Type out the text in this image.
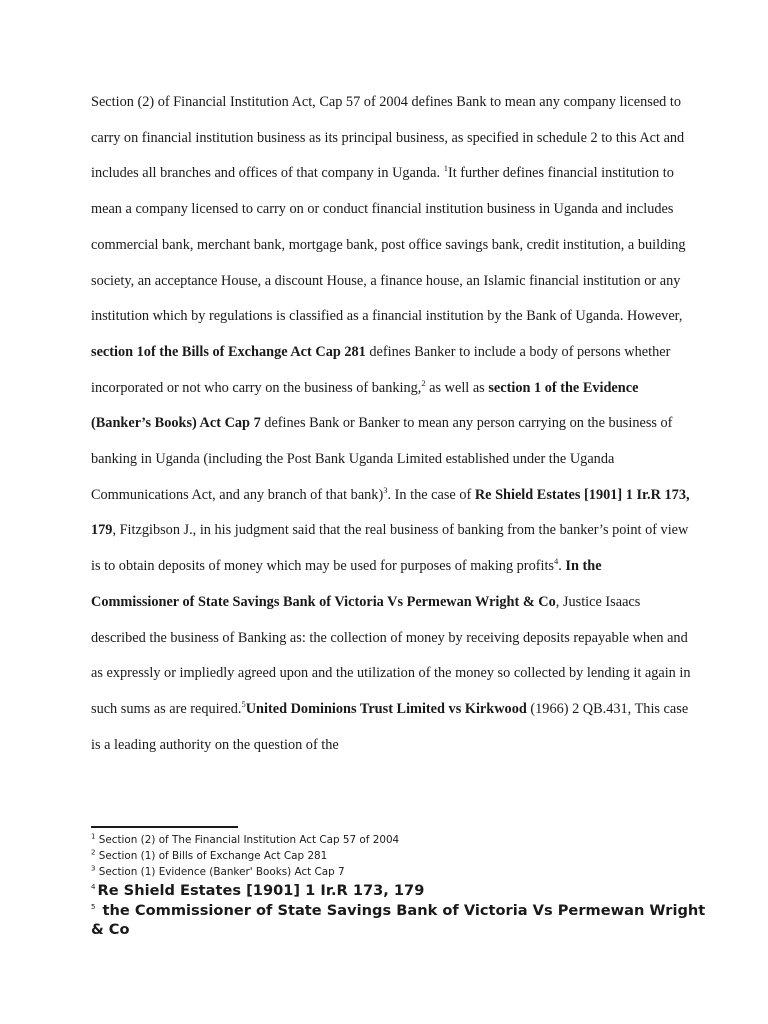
Section (2) of Financial Institution Act, Cap 57 of 2004 defines Bank to mean any company licensed to carry on financial institution business as its principal business, as specified in schedule 2 to this Act and includes all branches and offices of that company in Uganda. $^1$It further defines financial institution to mean a company licensed to carry on or conduct financial institution business in Uganda and includes commercial bank, merchant bank, mortgage bank, post office savings bank, credit institution, a building society, an acceptance House, a discount House, a finance house, an Islamic financial institution or any institution which by regulations is classified as a financial institution by the Bank of Uganda. However, section 1of the Bills of Exchange Act Cap 281 defines Banker to include a body of persons whether incorporated or not who carry on the business of banking,$^2$ as well as section 1 of the Evidence (Banker’s Books) Act Cap 7 defines Bank or Banker to mean any person carrying on the business of banking in Uganda (including the Post Bank Uganda Limited established under the Uganda Communications Act, and any branch of that bank)$^3$. In the case of Re Shield Estates [1901] 1 Ir.R 173, 179, Fitzgibson J., in his judgment said that the real business of banking from the banker’s point of view is to obtain deposits of money which may be used for purposes of making profits$^4$. In the Commissioner of State Savings Bank of Victoria Vs Permewan Wright & Co, Justice Isaacs described the business of Banking as: the collection of money by receiving deposits repayable when and as expressly or impliedly agreed upon and the utilization of the money so collected by lending it again in such sums as are required.$^5$United Dominions Trust Limited vs Kirkwood (1966) 2 QB.431, This case is a leading authority on the question of the

$^1$ Section (2) of The Financial Institution Act Cap 57 of 2004
$^2$ Section (1) of Bills of Exchange Act Cap 281
$^3$ Section (1) Evidence (Banker' Books) Act Cap 7
$^4$ Re Shield Estates [1901] 1 Ir.R 173, 179
$^5$ the Commissioner of State Savings Bank of Victoria Vs Permewan Wright & Co
